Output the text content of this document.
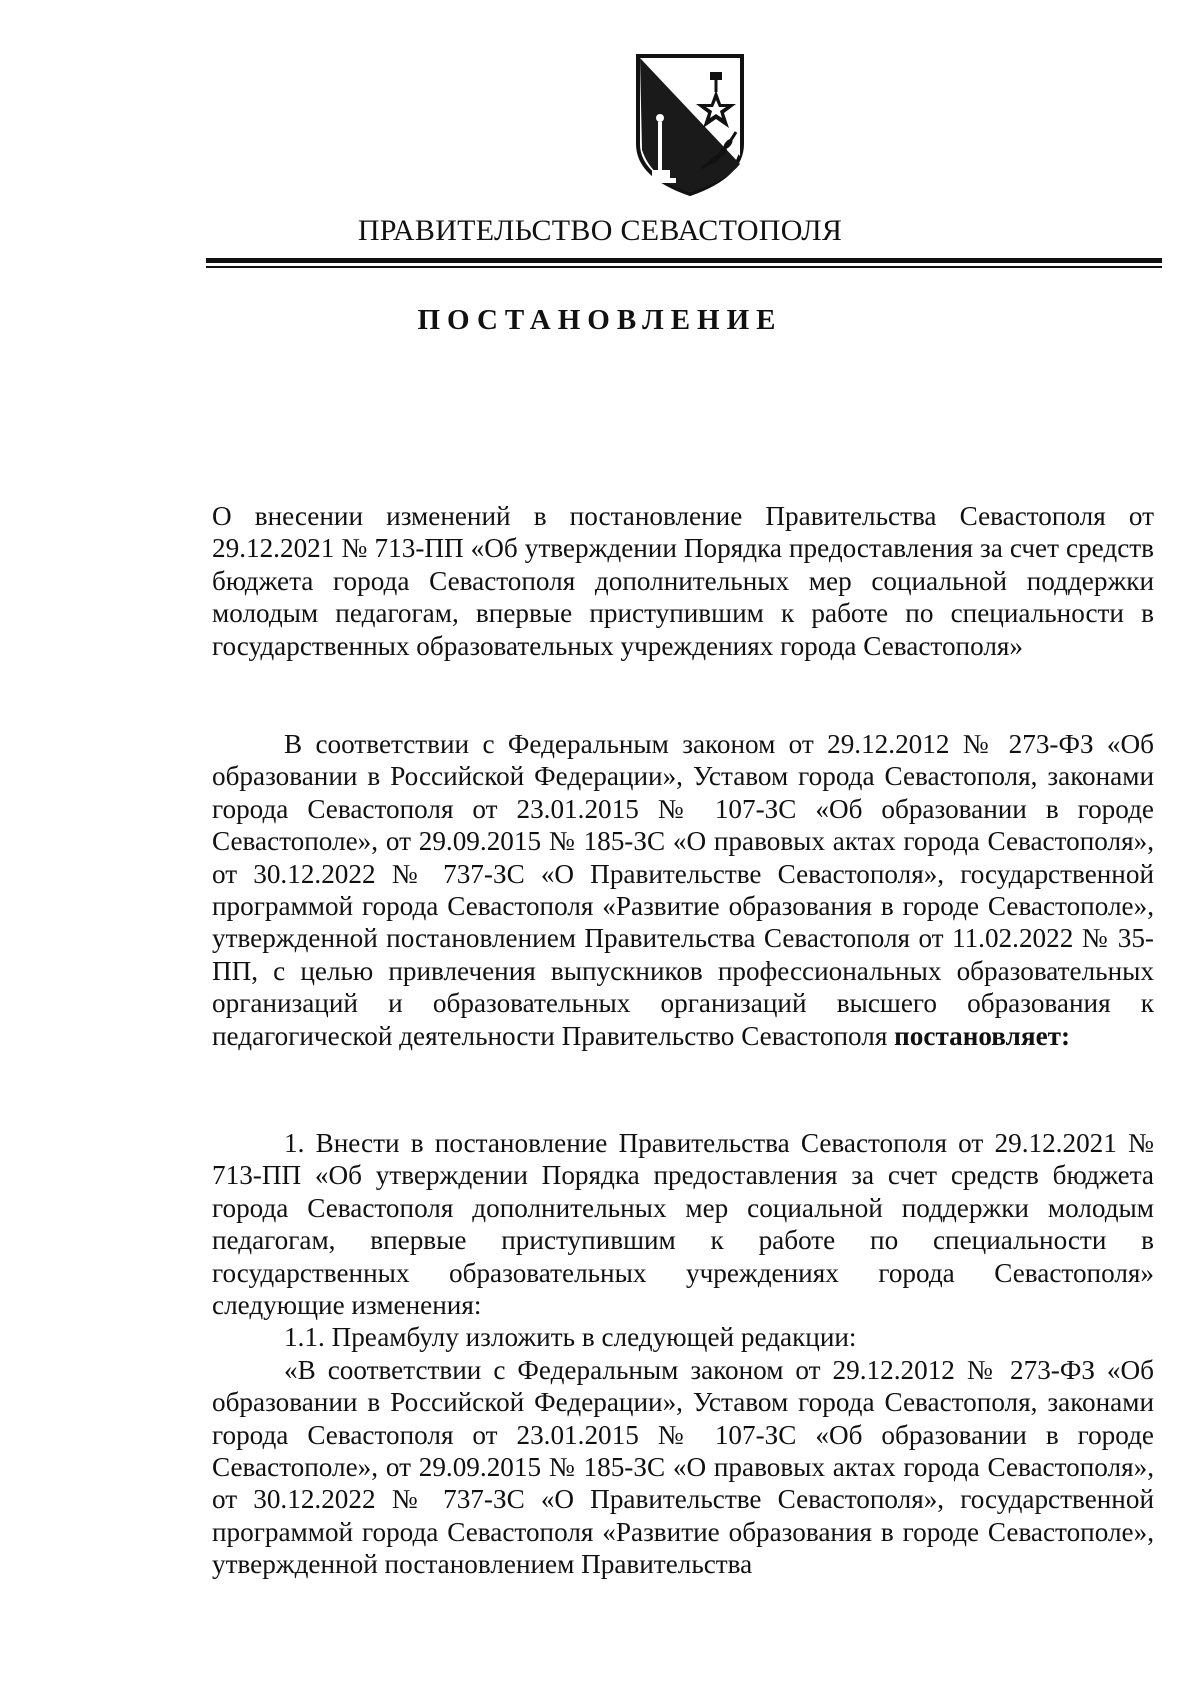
ПРАВИТЕЛЬСТВО СЕВАСТОПОЛЯ
ПОСТАНОВЛЕНИЕ

О внесении изменений в постановление Правительства Севастополя от 29.12.2021 № 713-ПП «Об утверждении Порядка предоставления за счет средств бюджета города Севастополя дополнительных мер социальной поддержки молодым педагогам, впервые приступившим к работе по специальности в государственных образовательных учреждениях города Севастополя»

В соответствии с Федеральным законом от 29.12.2012 № 273-ФЗ «Об образовании в Российской Федерации», Уставом города Севастополя, законами города Севастополя от 23.01.2015 № 107-ЗС «Об образовании в городе Севастополе», от 29.09.2015 № 185-ЗС «О правовых актах города Севастополя», от 30.12.2022 № 737-ЗС «О Правительстве Севастополя», государственной программой города Севастополя «Развитие образования в городе Севастополе», утвержденной постановлением Правительства Севастополя от 11.02.2022 № 35-ПП, с целью привлечения выпускников профессиональных образовательных организаций и образовательных организаций высшего образования к педагогической деятельности Правительство Севастополя постановляет:

1. Внести в постановление Правительства Севастополя от 29.12.2021 № 713-ПП «Об утверждении Порядка предоставления за счет средств бюджета города Севастополя дополнительных мер социальной поддержки молодым педагогам, впервые приступившим к работе по специальности в государственных образовательных учреждениях города Севастополя» следующие изменения:

1.1. Преамбулу изложить в следующей редакции:

«В соответствии с Федеральным законом от 29.12.2012 № 273-ФЗ «Об образовании в Российской Федерации», Уставом города Севастополя, законами города Севастополя от 23.01.2015 № 107-ЗС «Об образовании в городе Севастополе», от 29.09.2015 № 185-ЗС «О правовых актах города Севастополя», от 30.12.2022 № 737-ЗС «О Правительстве Севастополя», государственной программой города Севастополя «Развитие образования в городе Севастополе», утвержденной постановлением Правительства
